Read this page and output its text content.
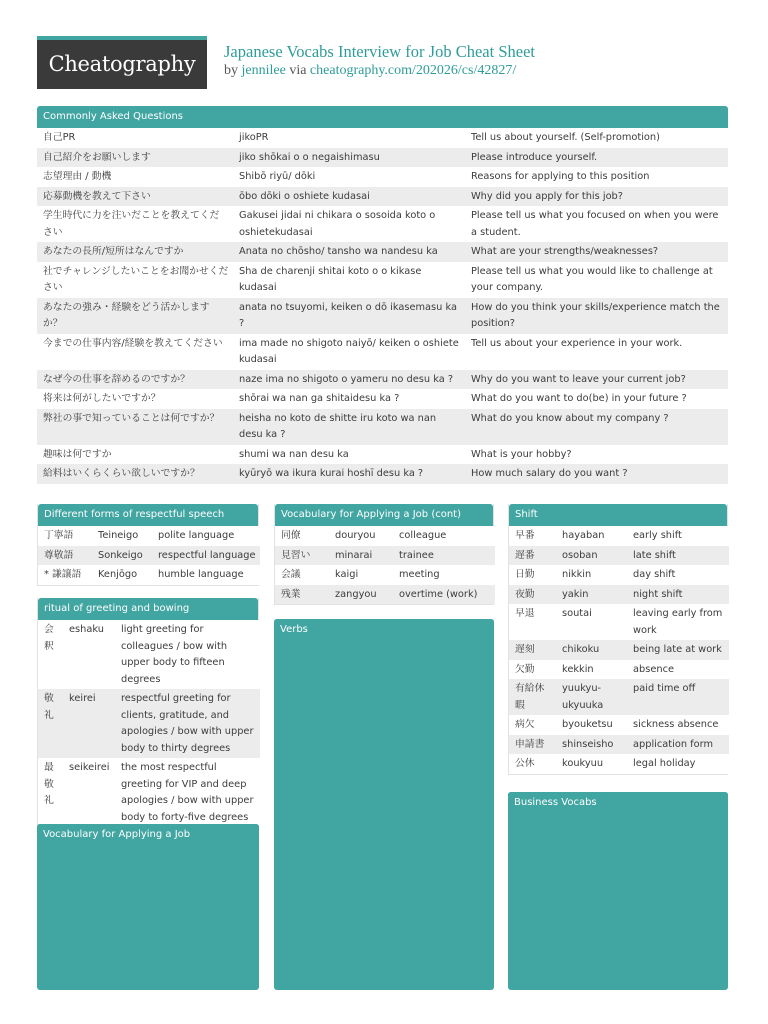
Cheatography
Japanese Vocabs Interview for Job Cheat Sheet
by jennilee via cheatography.com/202026/cs/42827/
Commonly Asked Questions
自己PR	jikoPR	Tell us about yourself. (Self-promotion)
自己紹介をお願いします	jiko shōkai o o negaishimasu	Please introduce yourself.
志望理由 / 動機	Shibō riyū/ dōki	Reasons for applying to this position
応募動機を教えて下さい	ōbo dōki o oshiete kudasai	Why did you apply for this job?
学生時代に力を注いだことを教えてください	Gakusei jidai ni chikara o sosoida koto o oshietekudasai	Please tell us what you focused on when you were a student.
あなたの長所/短所はなんですか	Anata no chōsho/ tansho wa nandesu ka	What are your strengths/weaknesses?
社でチャレンジしたいことをお聞かせください	Sha de charenji shitai koto o o kikase kudasai	Please tell us what you would like to challenge at your company.
あなたの強み・経験をどう活かしますか？	anata no tsuyomi, keiken o dō ikasemasu ka ?	How do you think your skills/experience match the position?
今までの仕事内容/経験を教えてください	ima made no shigoto naiyō/ keiken o oshiete kudasai	Tell us about your experience in your work.
なぜ今の仕事を辞めるのですか？	naze ima no shigoto o yameru no desu ka ?	Why do you want to leave your current job?
将来は何がしたいですか？	shōrai wa nan ga shitaidesu ka ?	What do you want to do(be) in your future ?
弊社の事で知っていることは何ですか？	heisha no koto de shitte iru koto wa nan desu ka ?	What do you know about my company ?
趣味は何ですか	shumi wa nan desu ka	What is your hobby?
給料はいくらくらい欲しいですか？	kyūryō wa ikura kurai hoshī desu ka ?	How much salary do you want ?
Different forms of respectful speech
丁寧語	Teineigo	polite language
尊敬語	Sonkeigo	respectful language
* 謙譲語	Kenjōgo	humble language
ritual of greeting and bowing
会釈	eshaku	light greeting for colleagues / bow with upper body to fifteen degrees
敬礼	keirei	respectful greeting for clients, gratitude, and apologies / bow with upper body to thirty degrees
最敬礼	seikeirei	the most respectful greeting for VIP and deep apologies / bow with upper body to forty-five degrees
Vocabulary for Applying a Job
Vocabulary for Applying a Job (cont)
同僚	douryou	colleague
見習い	minarai	trainee
会議	kaigi	meeting
残業	zangyou	overtime (work)
Verbs
Shift
早番	hayaban	early shift
遅番	osoban	late shift
日勤	nikkin	day shift
夜勤	yakin	night shift
早退	soutai	leaving early from work
遅刻	chikoku	being late at work
欠勤	kekkin	absence
有給休暇	yuukyu-ukyuuka	paid time off
病欠	byouketsu	sickness absence
申請書	shinseisho	application form
公休	koukyuu	legal holiday
Business Vocabs
